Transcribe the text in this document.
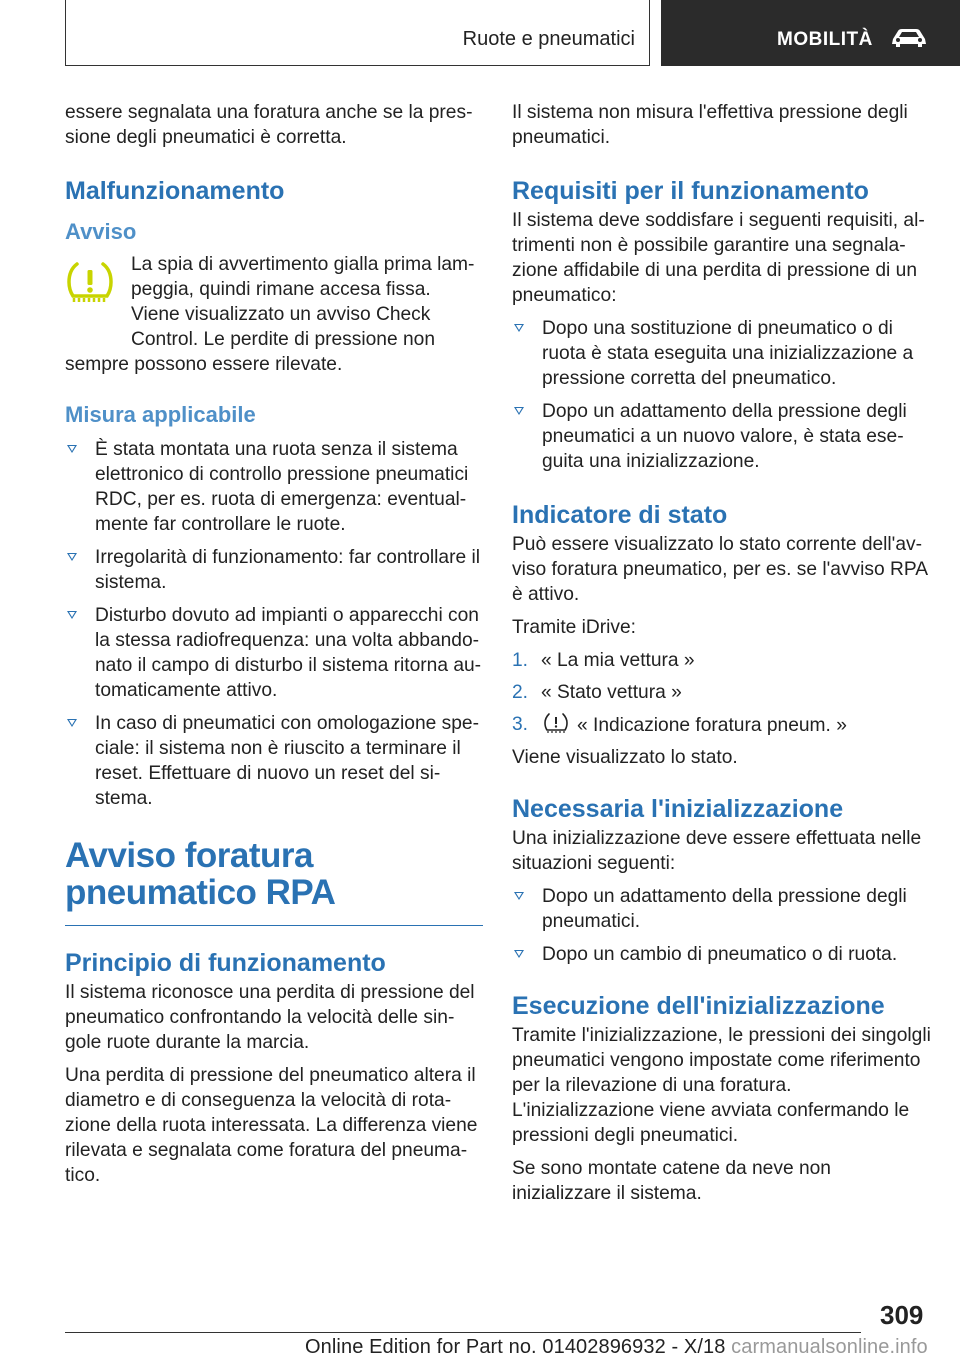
Ruote e pneumatici	MOBILITÀ

essere segnalata una foratura anche se la pressione degli pneumatici è corretta.

Malfunzionamento
Avviso

La spia di avvertimento gialla prima lampeggia, quindi rimane accesa fissa. Viene visualizzato un avviso Check Control. Le perdite di pressione non sempre possono essere rilevate.

Misura applicabile
È stata montata una ruota senza il sistema elettronico di controllo pressione pneumatici RDC, per es. ruota di emergenza: eventualmente far controllare le ruote.
Irregolarità di funzionamento: far controllare il sistema.
Disturbo dovuto ad impianti o apparecchi con la stessa radiofrequenza: una volta abbandonato il campo di disturbo il sistema ritorna automaticamente attivo.
In caso di pneumatici con omologazione speciale: il sistema non è riuscito a terminare il reset. Effettuare di nuovo un reset del sistema.
Avviso foratura pneumatico RPA
Principio di funzionamento

Il sistema riconosce una perdita di pressione del pneumatico confrontando la velocità delle singole ruote durante la marcia.

Una perdita di pressione del pneumatico altera il diametro e di conseguenza la velocità di rotazione della ruota interessata. La differenza viene rilevata e segnalata come foratura del pneumatico.

Il sistema non misura l'effettiva pressione degli pneumatici.

Requisiti per il funzionamento

Il sistema deve soddisfare i seguenti requisiti, altrimenti non è possibile garantire una segnalazione affidabile di una perdita di pressione di un pneumatico:

Dopo una sostituzione di pneumatico o di ruota è stata eseguita una inizializzazione a pressione corretta del pneumatico.
Dopo un adattamento della pressione degli pneumatici a un nuovo valore, è stata eseguita una inizializzazione.
Indicatore di stato

Può essere visualizzato lo stato corrente dell'avviso foratura pneumatico, per es. se l'avviso RPA è attivo.

Tramite iDrive:

1. « La mia vettura »
2. « Stato vettura »
3.	« Indicazione foratura pneum. »

Viene visualizzato lo stato.

Necessaria l'inizializzazione

Una inizializzazione deve essere effettuata nelle situazioni seguenti:

Dopo un adattamento della pressione degli pneumatici.
Dopo un cambio di pneumatico o di ruota.
Esecuzione dell'inizializzazione

Tramite l'inizializzazione, le pressioni dei singolgli pneumatici vengono impostate come riferimento per la rilevazione di una foratura. L'inizializzazione viene avviata confermando le pressioni degli pneumatici.

Se sono montate catene da neve non inizializzare il sistema.

309
Online Edition for Part no. 01402896932 - X/18 carmanualsonline.info
